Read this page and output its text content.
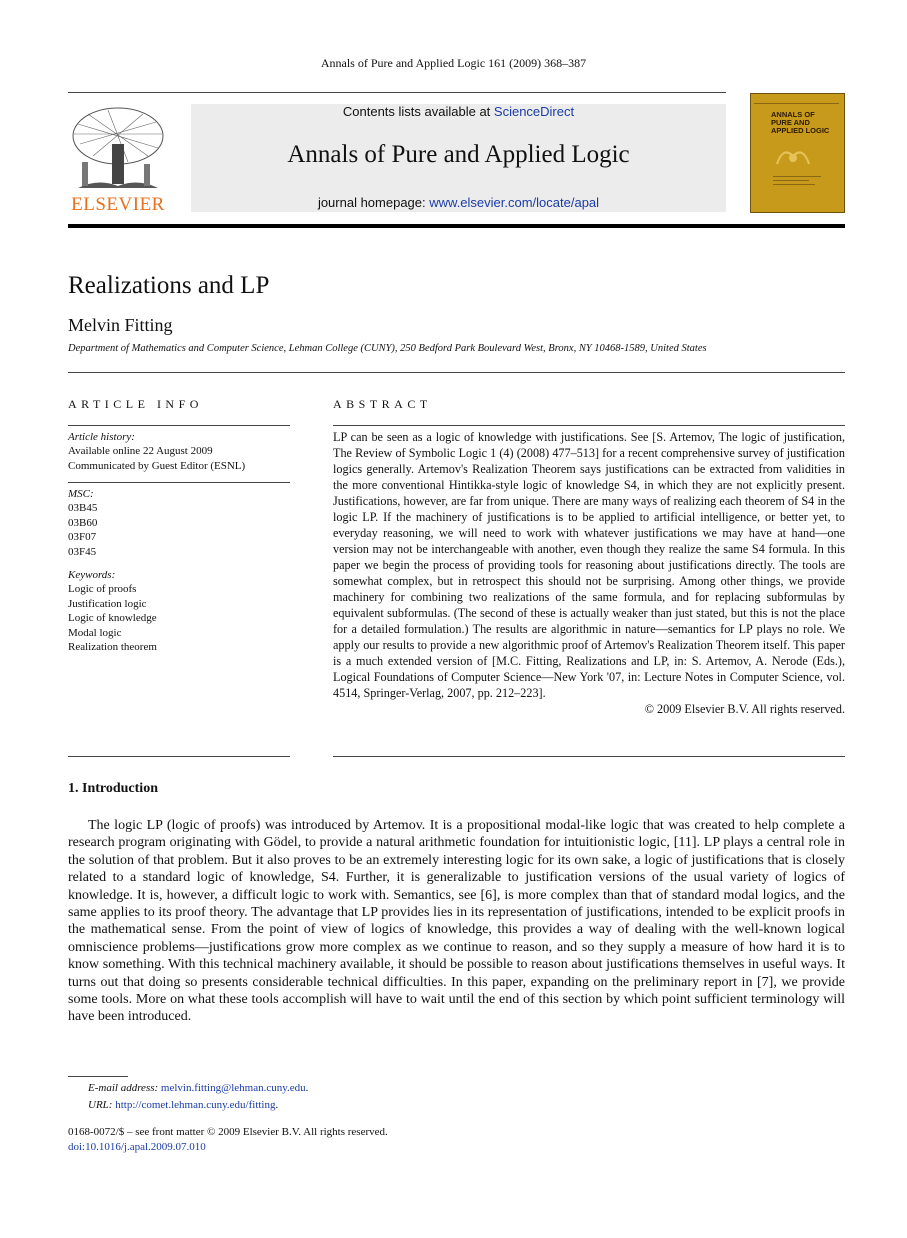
Annals of Pure and Applied Logic 161 (2009) 368–387
ELSEVIER
Contents lists available at ScienceDirect
Annals of Pure and Applied Logic
journal homepage: www.elsevier.com/locate/apal
ANNALS OF PURE AND APPLIED LOGIC
Realizations and LP
Melvin Fitting
Department of Mathematics and Computer Science, Lehman College (CUNY), 250 Bedford Park Boulevard West, Bronx, NY 10468-1589, United States
ARTICLE INFO
Article history:
Available online 22 August 2009
Communicated by Guest Editor (ESNL)
MSC:
03B45
03B60
03F07
03F45
Keywords:
Logic of proofs
Justification logic
Logic of knowledge
Modal logic
Realization theorem
ABSTRACT
LP can be seen as a logic of knowledge with justifications. See [S. Artemov, The logic of justification, The Review of Symbolic Logic 1 (4) (2008) 477–513] for a recent comprehensive survey of justification logics generally. Artemov's Realization Theorem says justifications can be extracted from validities in the more conventional Hintikka-style logic of knowledge S4, in which they are not explicitly present. Justifications, however, are far from unique. There are many ways of realizing each theorem of S4 in the logic LP. If the machinery of justifications is to be applied to artificial intelligence, or better yet, to everyday reasoning, we will need to work with whatever justifications we may have at hand—one version may not be interchangeable with another, even though they realize the same S4 formula. In this paper we begin the process of providing tools for reasoning about justifications directly. The tools are somewhat complex, but in retrospect this should not be surprising. Among other things, we provide machinery for combining two realizations of the same formula, and for replacing subformulas by equivalent subformulas. (The second of these is actually weaker than just stated, but this is not the place for a detailed formulation.) The results are algorithmic in nature—semantics for LP plays no role. We apply our results to provide a new algorithmic proof of Artemov's Realization Theorem itself. This paper is a much extended version of [M.C. Fitting, Realizations and LP, in: S. Artemov, A. Nerode (Eds.), Logical Foundations of Computer Science—New York '07, in: Lecture Notes in Computer Science, vol. 4514, Springer-Verlag, 2007, pp. 212–223].
© 2009 Elsevier B.V. All rights reserved.
1. Introduction
The logic LP (logic of proofs) was introduced by Artemov. It is a propositional modal-like logic that was created to help complete a research program originating with Gödel, to provide a natural arithmetic foundation for intuitionistic logic, [11]. LP plays a central role in the solution of that problem. But it also proves to be an extremely interesting logic for its own sake, a logic of justifications that is closely related to a standard logic of knowledge, S4. Further, it is generalizable to justification versions of the usual variety of logics of knowledge. It is, however, a difficult logic to work with. Semantics, see [6], is more complex than that of standard modal logics, and the same applies to its proof theory. The advantage that LP provides lies in its representation of justifications, intended to be explicit proofs in the mathematical sense. From the point of view of logics of knowledge, this provides a way of dealing with the well-known logical omniscience problems—justifications grow more complex as we continue to reason, and so they supply a measure of how hard it is to know something. With this technical machinery available, it should be possible to reason about justifications themselves in useful ways. It turns out that doing so presents considerable technical difficulties. In this paper, expanding on the preliminary report in [7], we provide some tools. More on what these tools accomplish will have to wait until the end of this section by which point sufficient terminology will have been introduced.
E-mail address: melvin.fitting@lehman.cuny.edu.
URL: http://comet.lehman.cuny.edu/fitting.
0168-0072/$ – see front matter © 2009 Elsevier B.V. All rights reserved.
doi:10.1016/j.apal.2009.07.010
